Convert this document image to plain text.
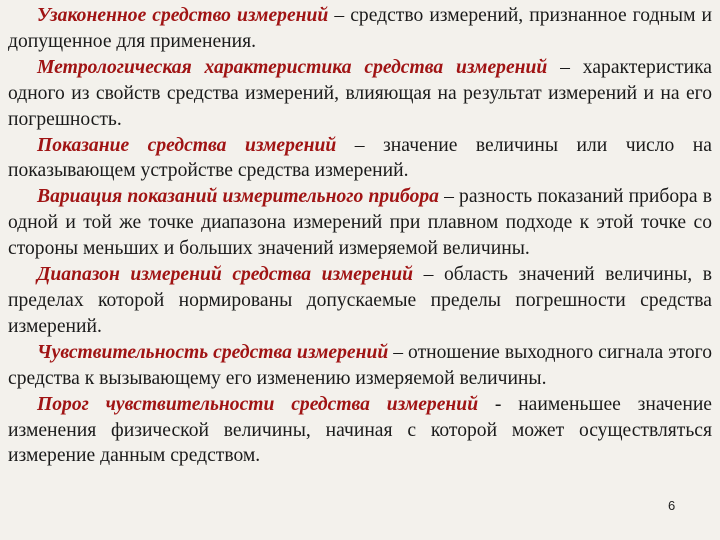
Узаконенное средство измерений – средство измерений, признанное годным и допущенное для применения.

Метрологическая характеристика средства измерений – характеристика одного из свойств средства измерений, влияющая на результат измерений и на его погрешность.

Показание средства измерений – значение величины или число на показывающем устройстве средства измерений.

Вариация показаний измерительного прибора – разность показаний прибора в одной и той же точке диапазона измерений при плавном подходе к этой точке со стороны меньших и больших значений измеряемой величины.

Диапазон измерений средства измерений – область значений величины, в пределах которой нормированы допускаемые пределы погрешности средства измерений.

Чувствительность средства измерений – отношение выходного сигнала этого средства к вызывающему его изменению измеряемой величины.

Порог чувствительности средства измерений - наименьшее значение изменения физической величины, начиная с которой может осуществляться измерение данным средством.

6
